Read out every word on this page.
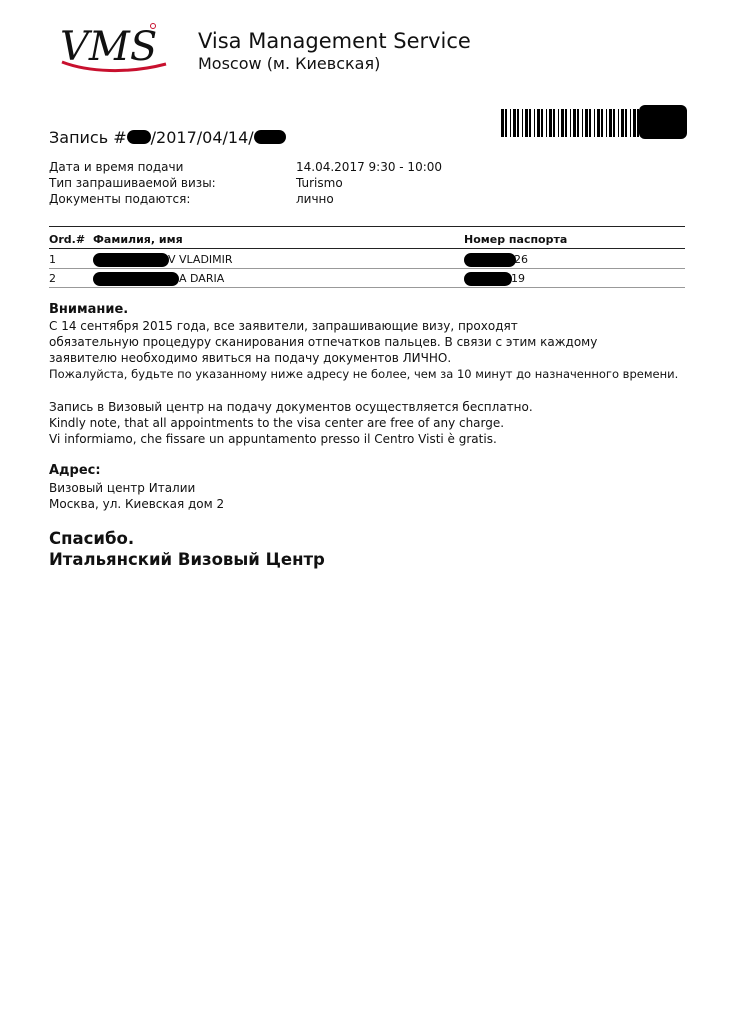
VMS Visa Management Service
Moscow (м. Киевская)
Запись # /2017/04/14/
Дата и время подачи	14.04.2017 9:30 - 10:00
Тип запрашиваемой визы:	Turismo
Документы подаются:	лично
Ord.# Фамилия, имя	Номер паспорта
1	V VLADIMIR	26
2	A DARIA	19
Внимание.
С 14 сентября 2015 года, все заявители, запрашивающие визу, проходят
обязательную процедуру сканирования отпечатков пальцев. В связи с этим каждому
заявителю необходимо явиться на подачу документов ЛИЧНО.
Пожалуйста, будьте по указанному ниже адресу не более, чем за 10 минут до назначенного времени.
Запись в Визовый центр на подачу документов осуществляется бесплатно.
Kindly note, that all appointments to the visa center are free of any charge.
Vi informiamo, che fissare un appuntamento presso il Centro Visti è gratis.
Адрес:
Визовый центр Италии
Москва, ул. Киевская дом 2
Спасибо.
Итальянский Визовый Центр
